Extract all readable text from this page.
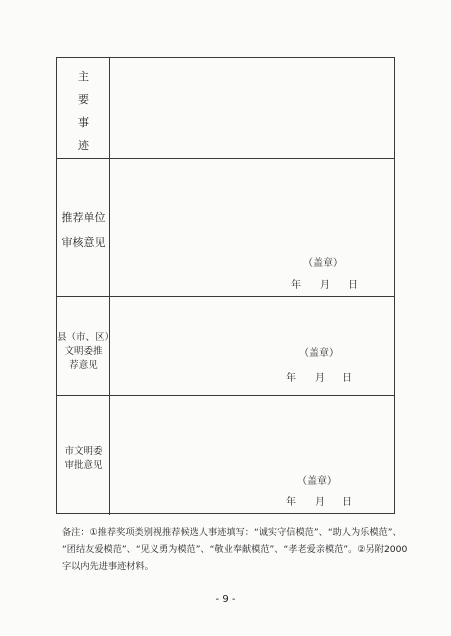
主
要
事
迹
推荐单位
审核意见
（盖章）
年 月 日
县（市、区）
文明委推
荐意见
（盖章）
年 月 日
市文明委
审批意见
（盖章）
年 月 日
备注：①推荐奖项类别视推荐候选人事迹填写：“诚实守信模范”、“助人为乐模范”、
“团结友爱模范”、“见义勇为模范”、“敬业奉献模范”、“孝老爱亲模范”。②另附2000
字以内先进事迹材料。
- 9 -
